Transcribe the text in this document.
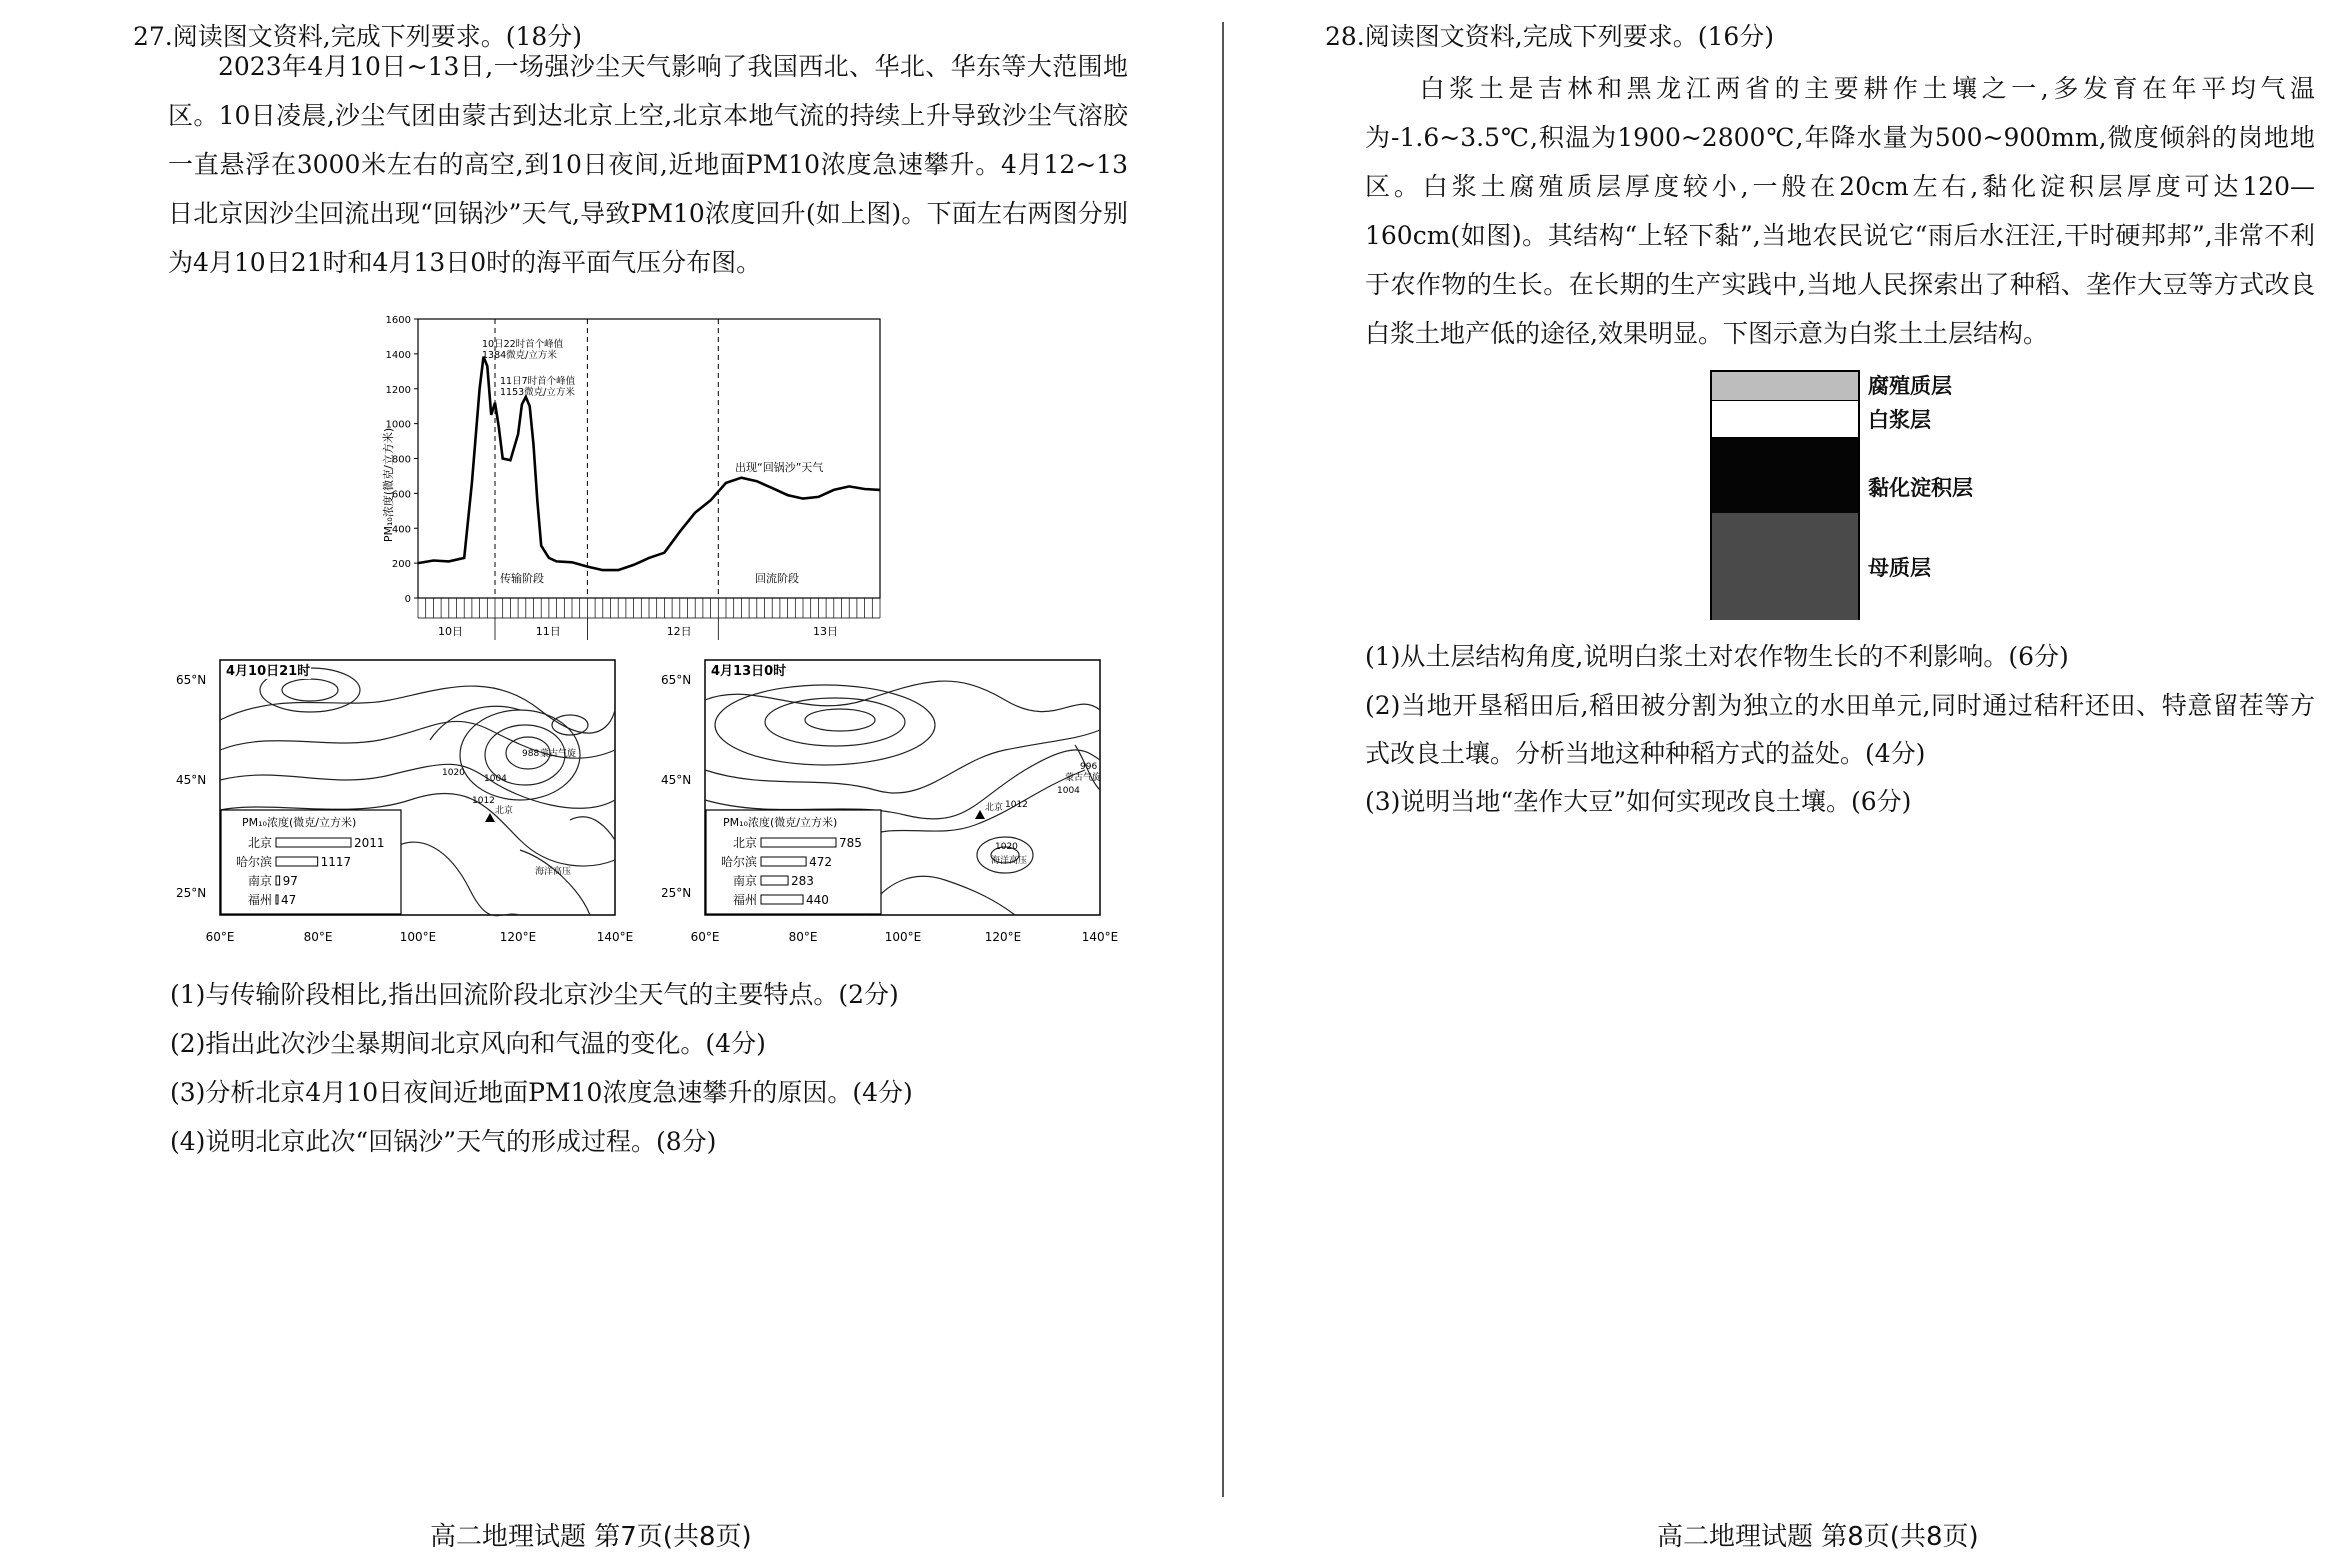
27.阅读图文资料,完成下列要求。(18分)
2023年4月10日~13日,一场强沙尘天气影响了我国西北、华北、华东等大范围地区。10日凌晨,沙尘气团由蒙古到达北京上空,北京本地气流的持续上升导致沙尘气溶胶一直悬浮在3000米左右的高空,到10日夜间,近地面PM10浓度急速攀升。4月12~13日北京因沙尘回流出现“回锅沙”天气,导致PM10浓度回升(如上图)。下面左右两图分别为4月10日21时和4月13日0时的海平面气压分布图。
0
200
400
600
800
1000
1200
1400
1600
10日	11日	12日	13日
PM₁₀浓度(微克/立方米)
10日22时首个峰值
1384微克/立方米
11日7时首个峰值
1153微克/立方米
出现“回锅沙”天气
传输阶段	回流阶段
4月10日21时
1020
1004
988 蒙古气旋
1012
北京
海洋高压
65°N
45°N
25°N
60°E	80°E	100°E	120°E	140°E
PM₁₀浓度(微克/立方米)
北京	2011
哈尔滨	1117
南京 97
福州 47
4月13日0时
996
蒙古气旋
1004
1012
北京
1020
海洋高压
65°N
45°N
25°N
60°E	80°E	100°E	120°E	140°E
PM₁₀浓度(微克/立方米)
北京	785
哈尔滨	472
南京	283
福州	440
(1)与传输阶段相比,指出回流阶段北京沙尘天气的主要特点。(2分)
(2)指出此次沙尘暴期间北京风向和气温的变化。(4分)
(3)分析北京4月10日夜间近地面PM10浓度急速攀升的原因。(4分)
(4)说明北京此次“回锅沙”天气的形成过程。(8分)
高二地理试题 第7页(共8页)
28.阅读图文资料,完成下列要求。(16分)
白浆土是吉林和黑龙江两省的主要耕作土壤之一,多发育在年平均气温为-1.6~3.5℃,积温为1900~2800℃,年降水量为500~900mm,微度倾斜的岗地地区。白浆土腐殖质层厚度较小,一般在20cm左右,黏化淀积层厚度可达120—160cm(如图)。其结构“上轻下黏”,当地农民说它“雨后水汪汪,干时硬邦邦”,非常不利于农作物的生长。在长期的生产实践中,当地人民探索出了种稻、垄作大豆等方式改良白浆土地产低的途径,效果明显。下图示意为白浆土土层结构。
腐殖质层
白浆层
黏化淀积层
母质层
(1)从土层结构角度,说明白浆土对农作物生长的不利影响。(6分)
(2)当地开垦稻田后,稻田被分割为独立的水田单元,同时通过秸秆还田、特意留茬等方式改良土壤。分析当地这种种稻方式的益处。(4分)
(3)说明当地“垄作大豆”如何实现改良土壤。(6分)
高二地理试题 第8页(共8页)
